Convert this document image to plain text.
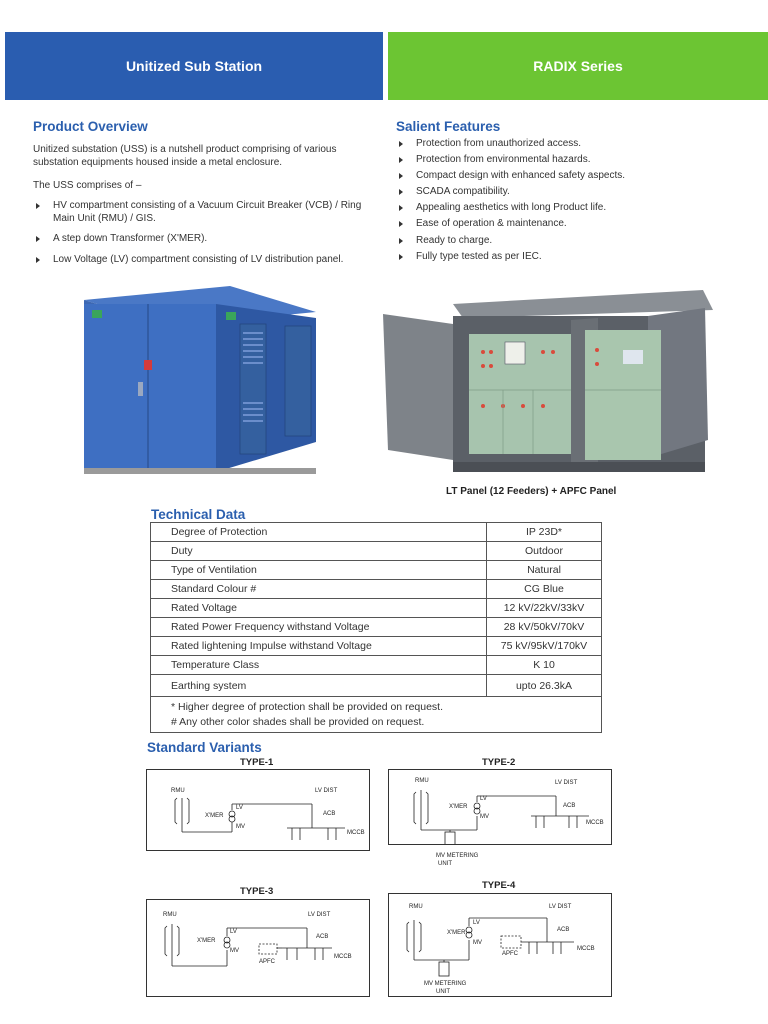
Unitized Sub Station	RADIX Series
Product Overview
Unitized substation (USS) is a nutshell product comprising of various substation equipments housed inside a metal enclosure.
The USS comprises of –
HV compartment consisting of a Vacuum Circuit Breaker (VCB) / Ring Main Unit (RMU) / GIS.
A step down Transformer (X'MER).
Low Voltage (LV) compartment consisting of LV distribution panel.
Salient Features
Protection from unauthorized access.
Protection from environmental hazards.
Compact design with enhanced safety aspects.
SCADA compatibility.
Appealing aesthetics with long Product life.
Ease of operation & maintenance.
Ready to charge.
Fully type tested as per IEC.
LT Panel (12 Feeders) + APFC Panel
Technical Data
Degree of Protection	IP 23D*
Duty	Outdoor
Type of Ventilation	Natural
Standard Colour #	CG Blue
Rated Voltage	12 kV/22kV/33kV
Rated Power Frequency withstand Voltage	28 kV/50kV/70kV
Rated lightening Impulse withstand Voltage	75 kV/95kV/170kV
Temperature Class	K 10
Earthing system	upto 26.3kA

* Higher degree of protection shall be provided on request.
# Any other color shades shall be provided on request.	
Standard Variants
TYPE-1	TYPE-2
TYPE-3
TYPE-4
RMU
X'MER
LV
MV
LV DIST
ACB
MCCB
RMU
X'MER
LV
MV
LV DIST
ACB
MCCB
MV METERING
UNIT
RMU
X'MER
LV
MV
LV DIST
ACB
MCCB
APFC
RMU
X'MER
LV
MV
LV DIST
ACB
MCCB
APFC
MV METERING
UNIT
